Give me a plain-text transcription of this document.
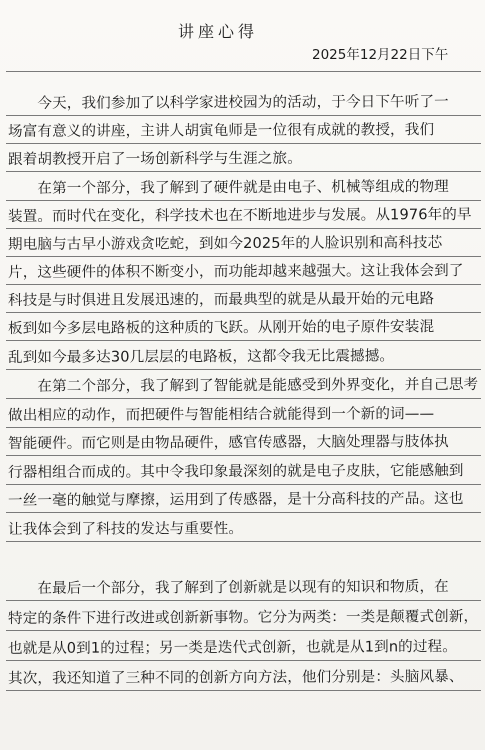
讲座心得
2025年12月22日下午
　　今天，我们参加了以科学家进校园为的活动，于今日下午听了一
场富有意义的讲座，主讲人胡寅龟师是一位很有成就的教授，我们
跟着胡教授开启了一场创新科学与生涯之旅。
　　在第一个部分，我了解到了硬件就是由电子、机械等组成的物理
装置。而时代在变化，科学技术也在不断地进步与发展。从1976年的早
期电脑与古早小游戏贪吃蛇，到如今2025年的人脸识别和高科技芯
片，这些硬件的体积不断变小，而功能却越来越强大。这让我体会到了
科技是与时俱进且发展迅速的，而最典型的就是从最开始的元电路
板到如今多层电路板的这种质的飞跃。从刚开始的电子原件安装混
乱到如今最多达30几层层的电路板，这都令我无比震撼撼。
　　在第二个部分，我了解到了智能就是能感受到外界变化，并自己思考
做出相应的动作，而把硬件与智能相结合就能得到一个新的词——
智能硬件。而它则是由物品硬件，感官传感器，大脑处理器与肢体执
行器相组合而成的。其中令我印象最深刻的就是电子皮肤，它能感触到
一丝一毫的触觉与摩擦，运用到了传感器，是十分高科技的产品。这也
让我体会到了科技的发达与重要性。
　　在最后一个部分，我了解到了创新就是以现有的知识和物质，在
特定的条件下进行改进或创新新事物。它分为两类：一类是颠覆式创新，
也就是从0到1的过程；另一类是迭代式创新，也就是从1到n的过程。
其次，我还知道了三种不同的创新方向方法，他们分别是：头脑风暴、
